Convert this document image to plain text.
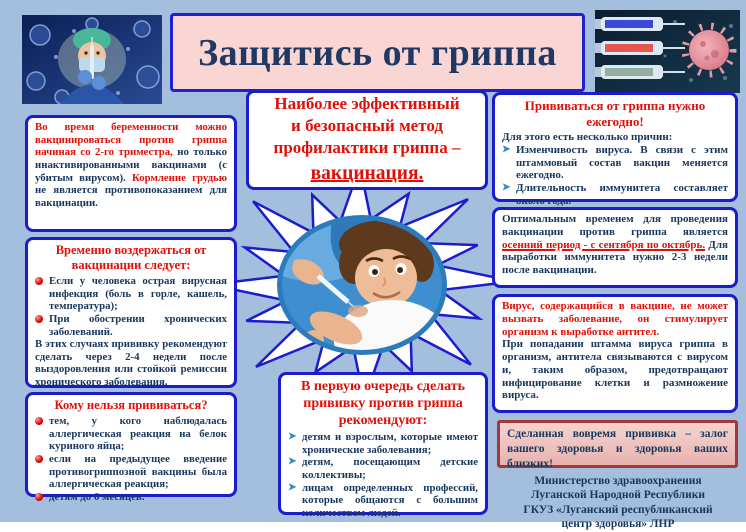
Защитись от гриппа

Во время беременности можно вакцинироваться против гриппа начиная со 2-го триместра, но только инактивированными вакцинами (с убитым вирусом). Кормление грудью не является противопоказанием для вакцинации.

Временно воздержаться от вакцинации следует:

Если у человека острая вирусная инфекция (боль в горле, кашель, температура);
При обострении хронических заболеваний.

В этих случаях прививку рекомендуют сделать через 2-4 недели после выздоровления или стойкой ремиссии хронического заболевания.

Кому нельзя прививаться?

тем, у кого наблюдалась аллергическая реакция на белок куриного яйца;
если на предыдущее введение противогриппозной вакцины была аллергическая реакция;
детям до 6 месяцев.
Наиболее эффективный
и безопасный метод
профилактики гриппа –
вакцинация.

В первую очередь сделать прививку против гриппа рекомендуют:

➤ детям и взрослым, которые имеют хронические заболевания;
➤ детям, посещающим детские коллективы;
➤ лицам определенных профессий, которые общаются с большим количеством людей.

Прививаться от гриппа нужно ежегодно!

Для этого есть несколько причин:

➤ Изменчивость вируса. В связи с этим штаммовый состав вакцин меняется ежегодно.
➤ Длительность иммунитета составляет около года.

Оптимальным временем для проведения вакцинации против гриппа является осенний период - с сентября по октябрь. Для выработки иммунитета нужно 2-3 недели после вакцинации.

Вирус, содержащийся в вакцине, не может вызвать заболевание, он стимулирует организм к выработке антител.

При попадании штамма вируса гриппа в организм, антитела связываются с вирусом и, таким образом, предотвращают инфицирование клетки и размножение вируса.

Сделанная вовремя прививка – залог вашего здоровья и здоровья ваших близких!

Министерство здравоохранения
Луганской Народной Республики
ГКУЗ «Луганский республиканский
центр здоровья» ЛНР
